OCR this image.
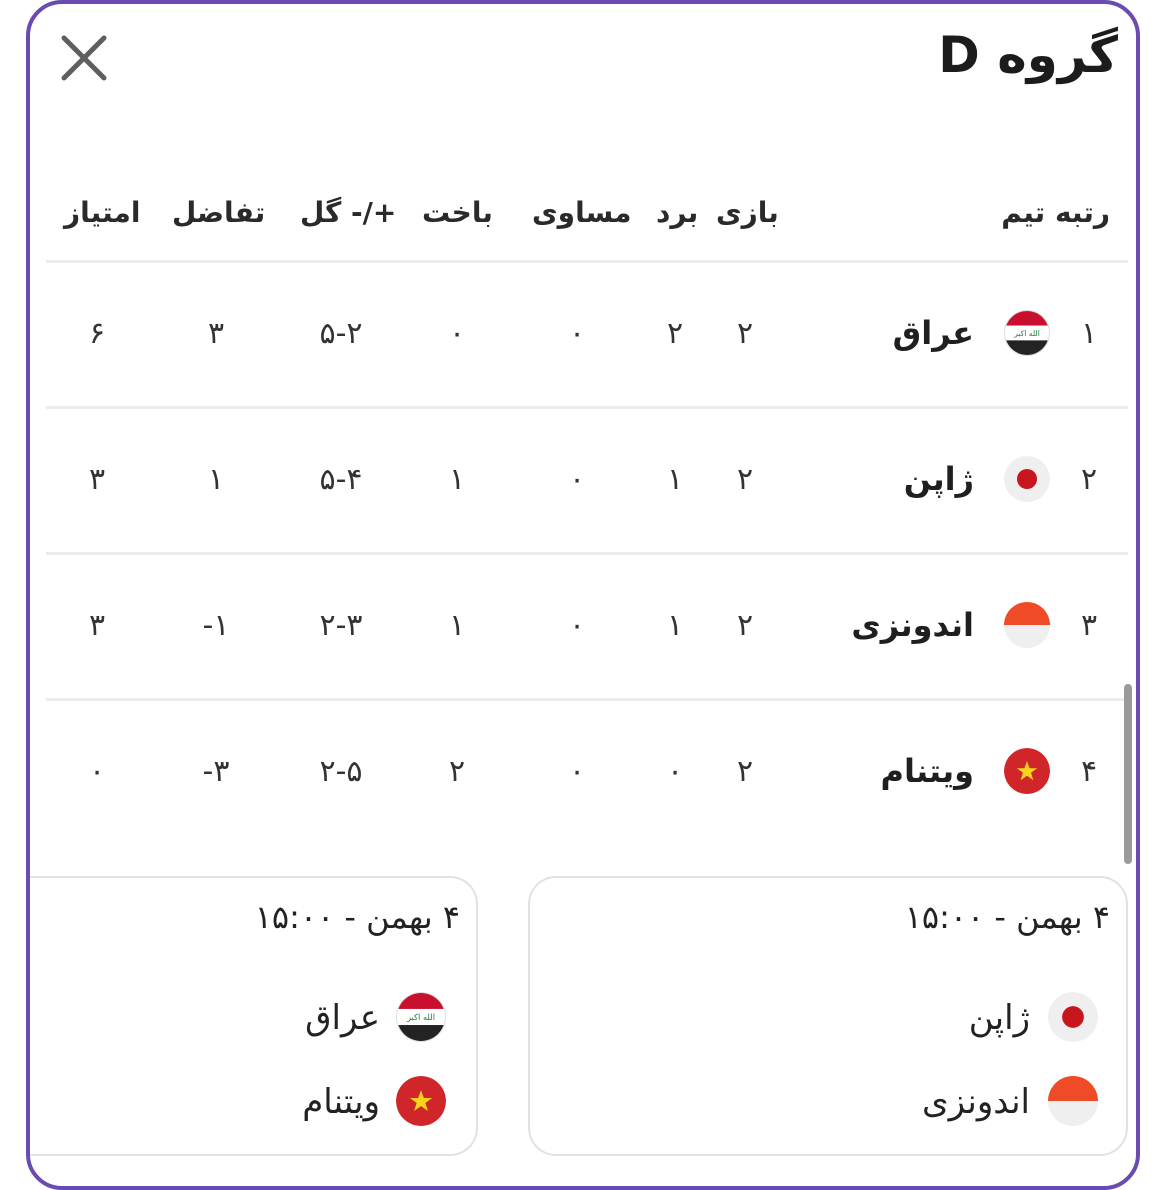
گروه D
رتبه تیم
بازی
برد
مساوی
باخت
گل -/+
تفاضل
امتیاز
۱
الله اكبر
عراق
۲
۲
۰
۰
۵-۲
۳
۶
۲
ژاپن
۲
۱
۰
۱
۵-۴
۱
۳
۳
اندونزی
۲
۱
۰
۱
۲-۳
-۱
۳
۴
ویتنام
۲
۰
۰
۲
۲-۵
-۳
۰
۴ بهمن - ۱۵:۰۰
ژاپن
اندونزی
۴ بهمن - ۱۵:۰۰
الله اكبر
عراق
ویتنام
